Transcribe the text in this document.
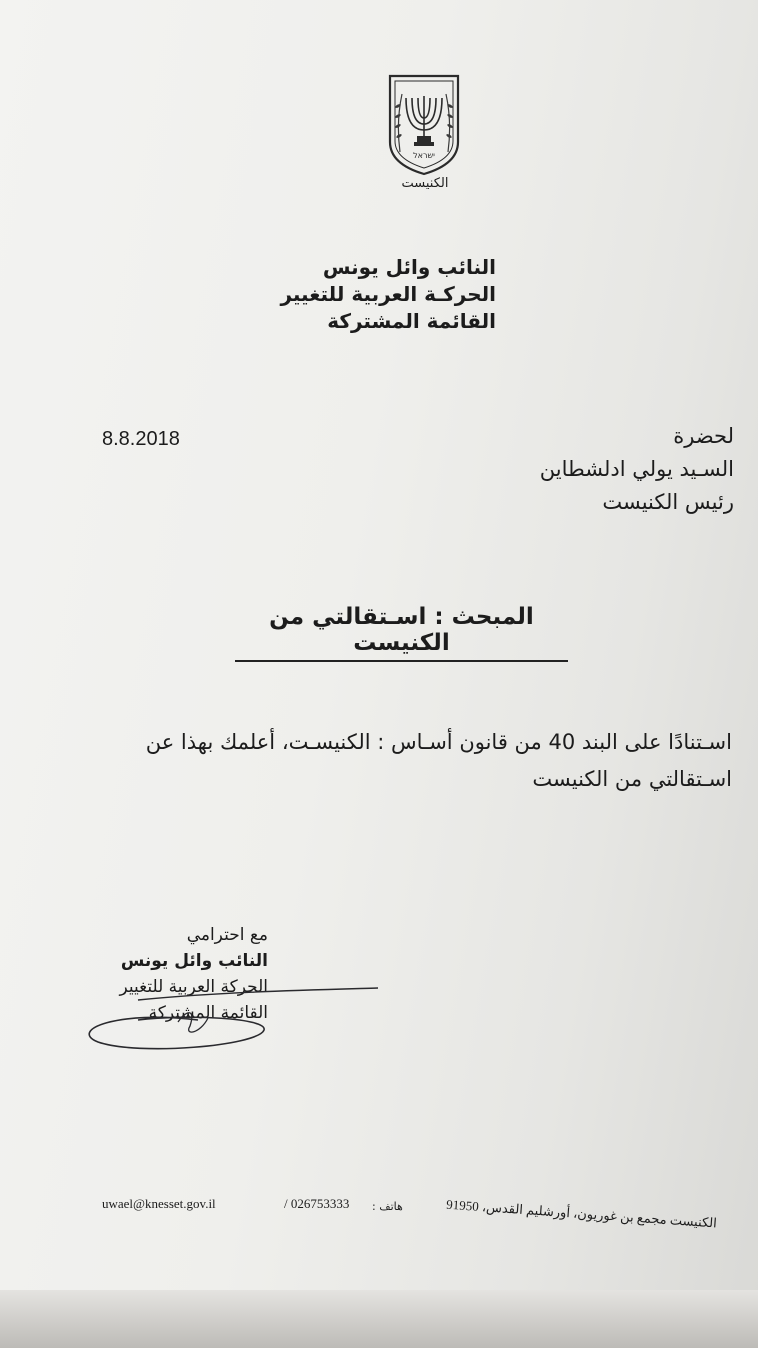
ישראל
الكنيست
النائب وائل يونس
الحركـة العربية للتغيير
القائمة المشتركة
8.8.2018	لحضرة
السـيد يولي ادلشطاين
رئيس الكنيست
المبحث : اسـتقالتي من الكنيست
اسـتنادًا على البند 40 من قانون أسـاس : الكنيسـت، أعلمك بهذا عن
اسـتقالتي من الكنيست
مع احترامي
النائب وائل يونس
الحركة العربية للتغيير
القائمة المشتركة
uwael@knesset.gov.il	/ 026753333 هاتف :	الكنيست مجمع بن غوريون، أورشليم القدس، 91950
